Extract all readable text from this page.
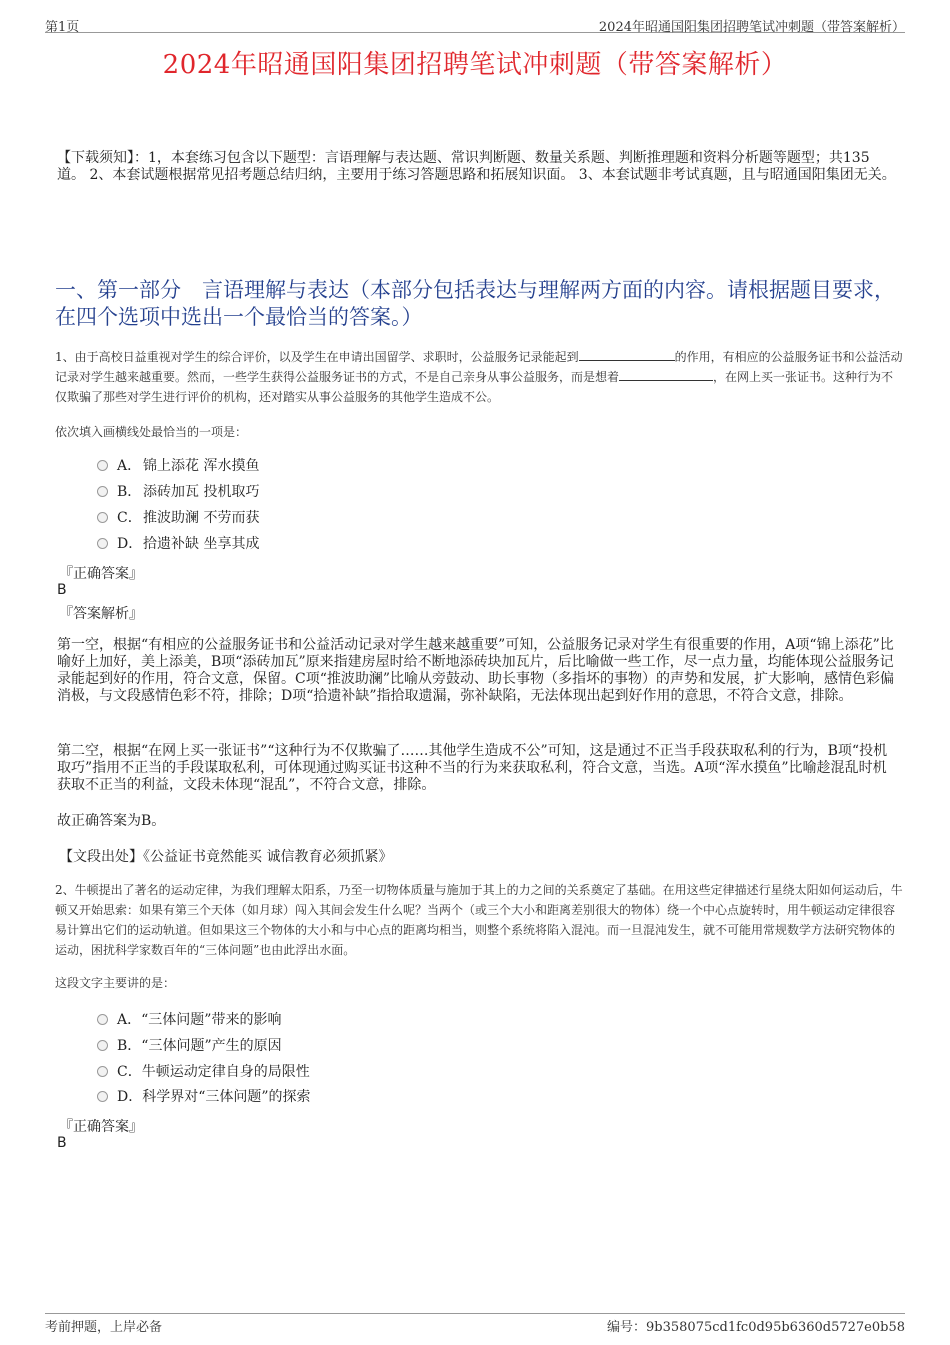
第1页	2024年昭通国阳集团招聘笔试冲刺题（带答案解析）
2024年昭通国阳集团招聘笔试冲刺题（带答案解析）
【下载须知】：1，本套练习包含以下题型：言语理解与表达题、常识判断题、数量关系题、判断推理题和资料分析题等题型；共135道。 2、本套试题根据常见招考题总结归纳，主要用于练习答题思路和拓展知识面。 3、本套试题非考试真题，且与昭通国阳集团无关。
一、第一部分　言语理解与表达（本部分包括表达与理解两方面的内容。请根据题目要求，在四个选项中选出一个最恰当的答案。）
1、由于高校日益重视对学生的综合评价，以及学生在申请出国留学、求职时，公益服务记录能起到	的作用，有相应的公益服务证书和公益活动记录对学生越来越重要。然而，一些学生获得公益服务证书的方式，不是自己亲身从事公益服务，而是想着	，在网上买一张证书。这种行为不仅欺骗了那些对学生进行评价的机构，还对踏实从事公益服务的其他学生造成不公。
依次填入画横线处最恰当的一项是：
A． 锦上添花 浑水摸鱼
B． 添砖加瓦 投机取巧
C．推波助澜 不劳而获
D．拾遗补缺 坐享其成
『正确答案』
B
『答案解析』
第一空，根据“有相应的公益服务证书和公益活动记录对学生越来越重要”可知，公益服务记录对学生有很重要的作用，A项“锦上添花”比喻好上加好，美上添美，B项“添砖加瓦”原来指建房屋时给不断地添砖块加瓦片，后比喻做一些工作，尽一点力量，均能体现公益服务记录能起到好的作用，符合文意，保留。C项“推波助澜”比喻从旁鼓动、助长事物（多指坏的事物）的声势和发展，扩大影响，感情色彩偏消极，与文段感情色彩不符，排除；D项“拾遗补缺”指拾取遗漏，弥补缺陷，无法体现出起到好作用的意思，不符合文意，排除。
第二空，根据“在网上买一张证书”“这种行为不仅欺骗了……其他学生造成不公”可知，这是通过不正当手段获取私利的行为，B项“投机取巧”指用不正当的手段谋取私利，可体现通过购买证书这种不当的行为来获取私利，符合文意，当选。A项“浑水摸鱼”比喻趁混乱时机获取不正当的利益，文段未体现“混乱”，不符合文意，排除。
故正确答案为B。
【文段出处】《公益证书竟然能买 诚信教育必须抓紧》
2、牛顿提出了著名的运动定律，为我们理解太阳系，乃至一切物体质量与施加于其上的力之间的关系奠定了基础。在用这些定律描述行星绕太阳如何运动后，牛顿又开始思索：如果有第三个天体（如月球）闯入其间会发生什么呢？当两个（或三个大小和距离差别很大的物体）绕一个中心点旋转时，用牛顿运动定律很容易计算出它们的运动轨道。但如果这三个物体的大小和与中心点的距离均相当，则整个系统将陷入混沌。而一旦混沌发生，就不可能用常规数学方法研究物体的运动，困扰科学家数百年的“三体问题”也由此浮出水面。
这段文字主要讲的是：
A．“三体问题”带来的影响
B．“三体问题”产生的原因
C．牛顿运动定律自身的局限性
D．科学界对“三体问题”的探索
『正确答案』
B
考前押题，上岸必备	编号：9b358075cd1fc0d95b6360d5727e0b58
